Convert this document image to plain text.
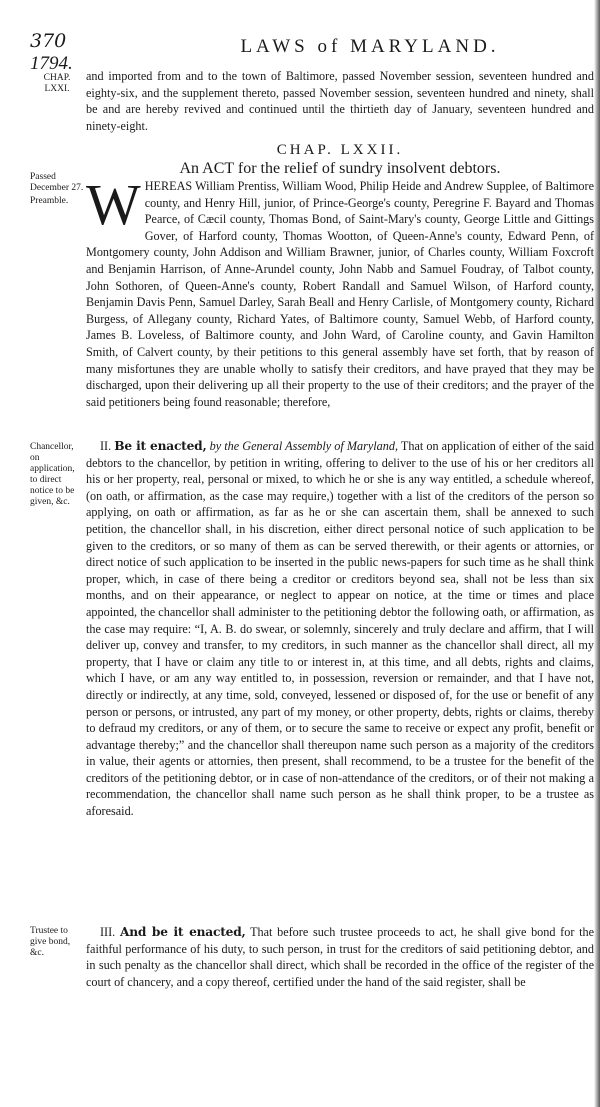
370
1794.
LAWS of MARYLAND.
CHAP.
LXXI.
and imported from and to the town of Baltimore, passed November session, seventeen hundred and eighty-six, and the supplement thereto, passed November session, seventeen hundred and ninety, shall be and are hereby revived and continued until the thirtieth day of January, seventeen hundred and ninety-eight.
CHAP. LXXII.
An ACT for the relief of sundry insolvent debtors.
Passed December 27.
Preamble. WHEREAS William Prentiss, William Wood, Philip Heide and Andrew Supplee, of Baltimore county, and Henry Hill, junior, of Prince-George's county, Peregrine F. Bayard and Thomas Pearce, of Cæcil county, Thomas Bond, of Saint-Mary's county, George Little and Gittings Gover, of Harford county, Thomas Wootton, of Queen-Anne's county, Edward Penn, of Montgomery county, John Addison and William Brawner, junior, of Charles county, William Foxcroft and Benjamin Harrison, of Anne-Arundel county, John Nabb and Samuel Foudray, of Talbot county, John Sothoren, of Queen-Anne's county, Robert Randall and Samuel Wilson, of Harford county, Benjamin Davis Penn, Samuel Darley, Sarah Beall and Henry Carlisle, of Montgomery county, Richard Burgess, of Allegany county, Richard Yates, of Baltimore county, Samuel Webb, of Harford county, James B. Loveless, of Baltimore county, and John Ward, of Caroline county, and Gavin Hamilton Smith, of Calvert county, by their petitions to this general assembly have set forth, that by reason of many misfortunes they are unable wholly to satisfy their creditors, and have prayed that they may be discharged, upon their delivering up all their property to the use of their creditors; and the prayer of the said petitioners being found reasonable; therefore,
Chancellor, on application, to direct notice to be given, &c.
II. Be it enacted, by the General Assembly of Maryland, That on application of either of the said debtors to the chancellor, by petition in writing, offering to deliver to the use of his or her creditors all his or her property, real, personal or mixed, to which he or she is any way entitled, a schedule whereof, (on oath, or affirmation, as the case may require,) together with a list of the creditors of the person so applying, on oath or affirmation, as far as he or she can ascertain them, shall be annexed to such petition, the chancellor shall, in his discretion, either direct personal notice of such application to be given to the creditors, or so many of them as can be served therewith, or their agents or attornies, or direct notice of such application to be inserted in the public news-papers for such time as he shall think proper, which, in case of there being a creditor or creditors beyond sea, shall not be less than six months, and on their appearance, or neglect to appear on notice, at the time or times and place appointed, the chancellor shall administer to the petitioning debtor the following oath, or affirmation, as the case may require: “I, A. B. do swear, or solemnly, sincerely and truly declare and affirm, that I will deliver up, convey and transfer, to my creditors, in such manner as the chancellor shall direct, all my property, that I have or claim any title to or interest in, at this time, and all debts, rights and claims, which I have, or am any way entitled to, in possession, reversion or remainder, and that I have not, directly or indirectly, at any time, sold, conveyed, lessened or disposed of, for the use or benefit of any person or persons, or intrusted, any part of my money, or other property, debts, rights or claims, thereby to defraud my creditors, or any of them, or to secure the same to receive or expect any profit, benefit or advantage thereby;” and the chancellor shall thereupon name such person as a majority of the creditors in value, their agents or attornies, then present, shall recommend, to be a trustee for the benefit of the creditors of the petitioning debtor, or in case of non-attendance of the creditors, or of their not making a recommendation, the chancellor shall name such person as he shall think proper, to be a trustee as aforesaid.
Trustee to give bond, &c.
III. And be it enacted, That before such trustee proceeds to act, he shall give bond for the faithful performance of his duty, to such person, in trust for the creditors of said petitioning debtor, and in such penalty as the chancellor shall direct, which shall be recorded in the office of the register of the court of chancery, and a copy thereof, certified under the hand of the said register, shall be
